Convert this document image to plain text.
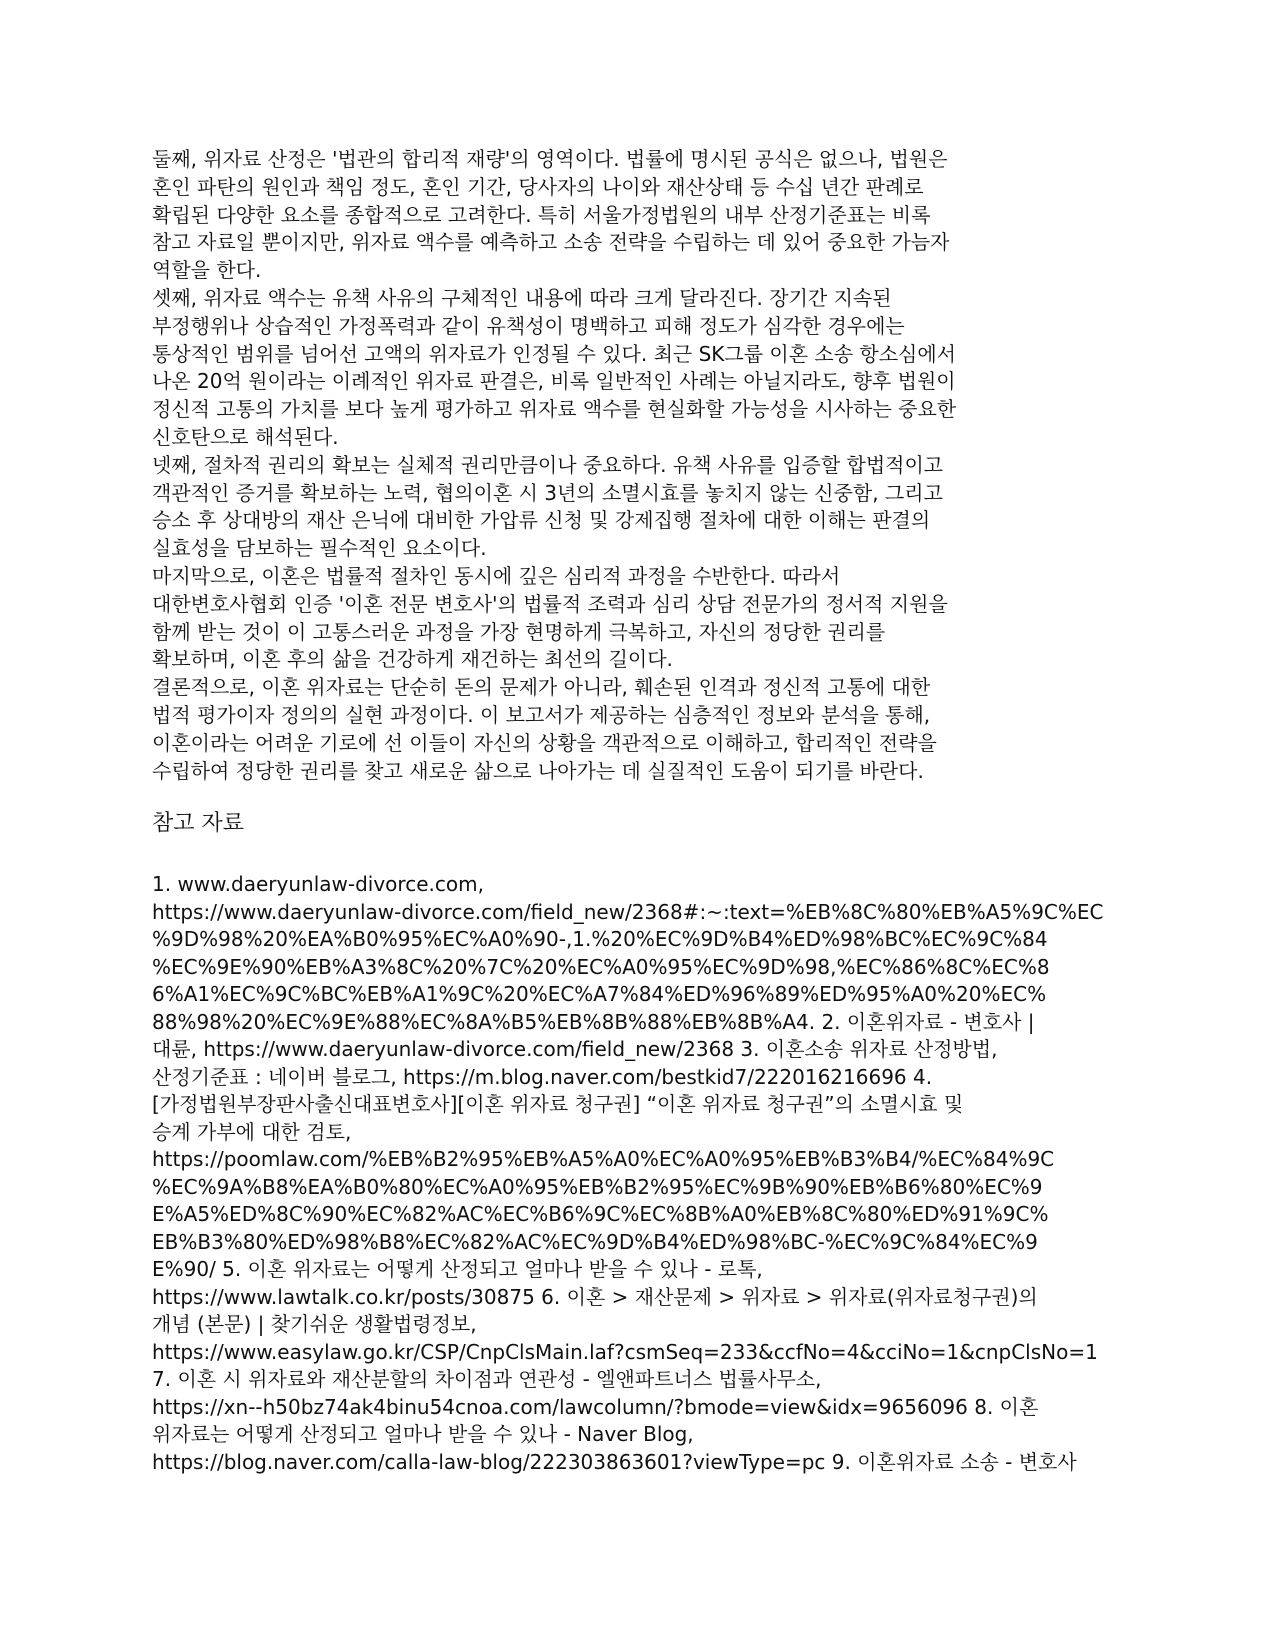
둘째, 위자료 산정은 '법관의 합리적 재량'의 영역이다. 법률에 명시된 공식은 없으나, 법원은
혼인 파탄의 원인과 책임 정도, 혼인 기간, 당사자의 나이와 재산상태 등 수십 년간 판례로
확립된 다양한 요소를 종합적으로 고려한다. 특히 서울가정법원의 내부 산정기준표는 비록
참고 자료일 뿐이지만, 위자료 액수를 예측하고 소송 전략을 수립하는 데 있어 중요한 가늠자
역할을 한다.
셋째, 위자료 액수는 유책 사유의 구체적인 내용에 따라 크게 달라진다. 장기간 지속된
부정행위나 상습적인 가정폭력과 같이 유책성이 명백하고 피해 정도가 심각한 경우에는
통상적인 범위를 넘어선 고액의 위자료가 인정될 수 있다. 최근 SK그룹 이혼 소송 항소심에서
나온 20억 원이라는 이례적인 위자료 판결은, 비록 일반적인 사례는 아닐지라도, 향후 법원이
정신적 고통의 가치를 보다 높게 평가하고 위자료 액수를 현실화할 가능성을 시사하는 중요한
신호탄으로 해석된다.
넷째, 절차적 권리의 확보는 실체적 권리만큼이나 중요하다. 유책 사유를 입증할 합법적이고
객관적인 증거를 확보하는 노력, 협의이혼 시 3년의 소멸시효를 놓치지 않는 신중함, 그리고
승소 후 상대방의 재산 은닉에 대비한 가압류 신청 및 강제집행 절차에 대한 이해는 판결의
실효성을 담보하는 필수적인 요소이다.
마지막으로, 이혼은 법률적 절차인 동시에 깊은 심리적 과정을 수반한다. 따라서
대한변호사협회 인증 '이혼 전문 변호사'의 법률적 조력과 심리 상담 전문가의 정서적 지원을
함께 받는 것이 이 고통스러운 과정을 가장 현명하게 극복하고, 자신의 정당한 권리를
확보하며, 이혼 후의 삶을 건강하게 재건하는 최선의 길이다.
결론적으로, 이혼 위자료는 단순히 돈의 문제가 아니라, 훼손된 인격과 정신적 고통에 대한
법적 평가이자 정의의 실현 과정이다. 이 보고서가 제공하는 심층적인 정보와 분석을 통해,
이혼이라는 어려운 기로에 선 이들이 자신의 상황을 객관적으로 이해하고, 합리적인 전략을
수립하여 정당한 권리를 찾고 새로운 삶으로 나아가는 데 실질적인 도움이 되기를 바란다.
참고 자료
1. www.daeryunlaw-divorce.com,
https://www.daeryunlaw-divorce.com/field_new/2368#:~:text=%EB%8C%80%EB%A5%9C%EC
%9D%98%20%EA%B0%95%EC%A0%90-,1.%20%EC%9D%B4%ED%98%BC%EC%9C%84
%EC%9E%90%EB%A3%8C%20%7C%20%EC%A0%95%EC%9D%98,%EC%86%8C%EC%8
6%A1%EC%9C%BC%EB%A1%9C%20%EC%A7%84%ED%96%89%ED%95%A0%20%EC%
88%98%20%EC%9E%88%EC%8A%B5%EB%8B%88%EB%8B%A4. 2. 이혼위자료 - 변호사 |
대륜, https://www.daeryunlaw-divorce.com/field_new/2368 3. 이혼소송 위자료 산정방법,
산정기준표 : 네이버 블로그, https://m.blog.naver.com/bestkid7/222016216696 4.
[가정법원부장판사출신대표변호사][이혼 위자료 청구권] “이혼 위자료 청구권”의 소멸시효 및
승계 가부에 대한 검토,
https://poomlaw.com/%EB%B2%95%EB%A5%A0%EC%A0%95%EB%B3%B4/%EC%84%9C
%EC%9A%B8%EA%B0%80%EC%A0%95%EB%B2%95%EC%9B%90%EB%B6%80%EC%9
E%A5%ED%8C%90%EC%82%AC%EC%B6%9C%EC%8B%A0%EB%8C%80%ED%91%9C%
EB%B3%80%ED%98%B8%EC%82%AC%EC%9D%B4%ED%98%BC-%EC%9C%84%EC%9
E%90/ 5. 이혼 위자료는 어떻게 산정되고 얼마나 받을 수 있나 - 로톡,
https://www.lawtalk.co.kr/posts/30875 6. 이혼 > 재산문제 > 위자료 > 위자료(위자료청구권)의
개념 (본문) | 찾기쉬운 생활법령정보,
https://www.easylaw.go.kr/CSP/CnpClsMain.laf?csmSeq=233&ccfNo=4&cciNo=1&cnpClsNo=1
7. 이혼 시 위자료와 재산분할의 차이점과 연관성 - 엘앤파트너스 법률사무소,
https://xn--h50bz74ak4binu54cnoa.com/lawcolumn/?bmode=view&idx=9656096 8. 이혼
위자료는 어떻게 산정되고 얼마나 받을 수 있나 - Naver Blog,
https://blog.naver.com/calla-law-blog/222303863601?viewType=pc 9. 이혼위자료 소송 - 변호사
